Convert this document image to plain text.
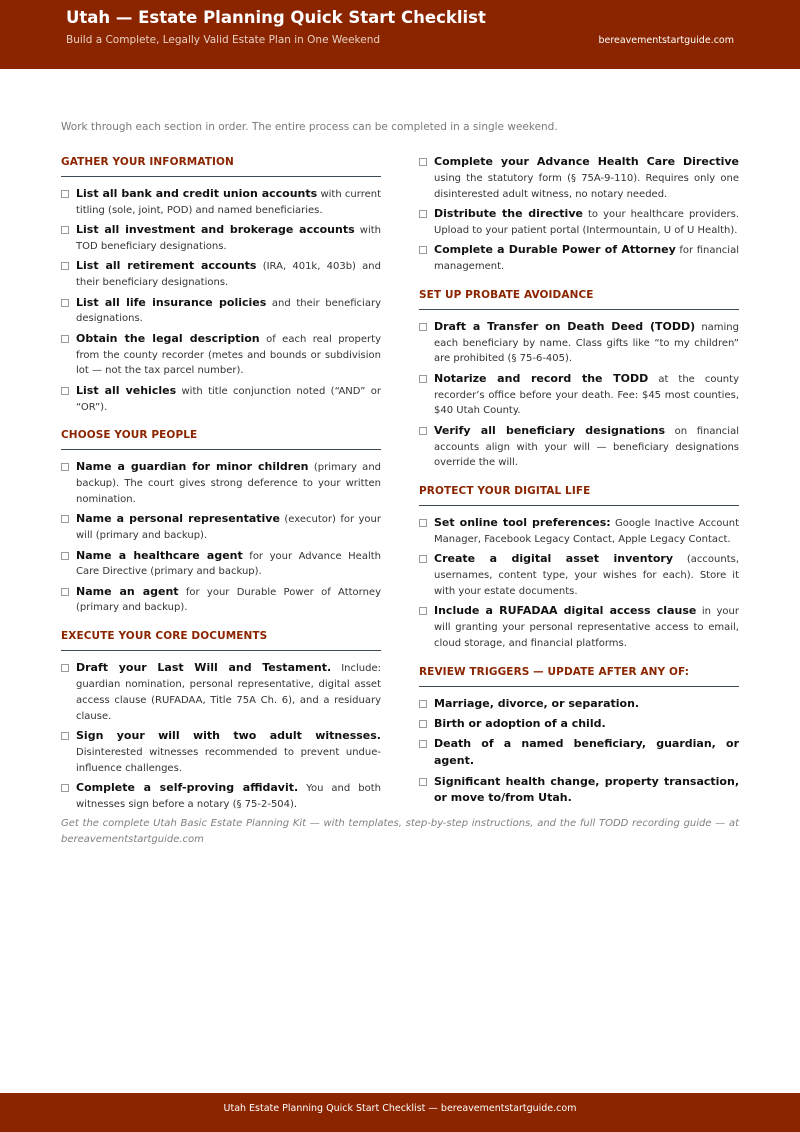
Utah — Estate Planning Quick Start Checklist
Build a Complete, Legally Valid Estate Plan in One Weekend	bereavementstartguide.com
Work through each section in order. The entire process can be completed in a single weekend.
GATHER YOUR INFORMATION
List all bank and credit union accounts with current titling (sole, joint, POD) and named beneficiaries.
List all investment and brokerage accounts with TOD beneficiary designations.
List all retirement accounts (IRA, 401k, 403b) and their beneficiary designations.
List all life insurance policies and their beneficiary designations.
Obtain the legal description of each real property from the county recorder (metes and bounds or subdivision lot — not the tax parcel number).
List all vehicles with title conjunction noted (“AND” or “OR”).
CHOOSE YOUR PEOPLE
Name a guardian for minor children (primary and backup). The court gives strong deference to your written nomination.
Name a personal representative (executor) for your will (primary and backup).
Name a healthcare agent for your Advance Health Care Directive (primary and backup).
Name an agent for your Durable Power of Attorney (primary and backup).
EXECUTE YOUR CORE DOCUMENTS
Draft your Last Will and Testament. Include: guardian nomination, personal representative, digital asset access clause (RUFADAA, Title 75A Ch. 6), and a residuary clause.
Sign your will with two adult witnesses. Disinterested witnesses recommended to prevent undue-influence challenges.
Complete a self-proving affidavit. You and both witnesses sign before a notary (§ 75-2-504).
Complete your Advance Health Care Directive using the statutory form (§ 75A-9-110). Requires only one disinterested adult witness, no notary needed.
Distribute the directive to your healthcare providers. Upload to your patient portal (Intermountain, U of U Health).
Complete a Durable Power of Attorney for financial management.
SET UP PROBATE AVOIDANCE
Draft a Transfer on Death Deed (TODD) naming each beneficiary by name. Class gifts like “to my children” are prohibited (§ 75-6-405).
Notarize and record the TODD at the county recorder’s office before your death. Fee: $45 most counties, $40 Utah County.
Verify all beneficiary designations on financial accounts align with your will — beneficiary designations override the will.
PROTECT YOUR DIGITAL LIFE
Set online tool preferences: Google Inactive Account Manager, Facebook Legacy Contact, Apple Legacy Contact.
Create a digital asset inventory (accounts, usernames, content type, your wishes for each). Store it with your estate documents.
Include a RUFADAA digital access clause in your will granting your personal representative access to email, cloud storage, and financial platforms.
REVIEW TRIGGERS — UPDATE AFTER ANY OF:
Marriage, divorce, or separation.
Birth or adoption of a child.
Death of a named beneficiary, guardian, or agent.
Significant health change, property transaction, or move to/from Utah.
Get the complete Utah Basic Estate Planning Kit — with templates, step-by-step instructions, and the full TODD recording guide — at bereavementstartguide.com
Utah Estate Planning Quick Start Checklist — bereavementstartguide.com
